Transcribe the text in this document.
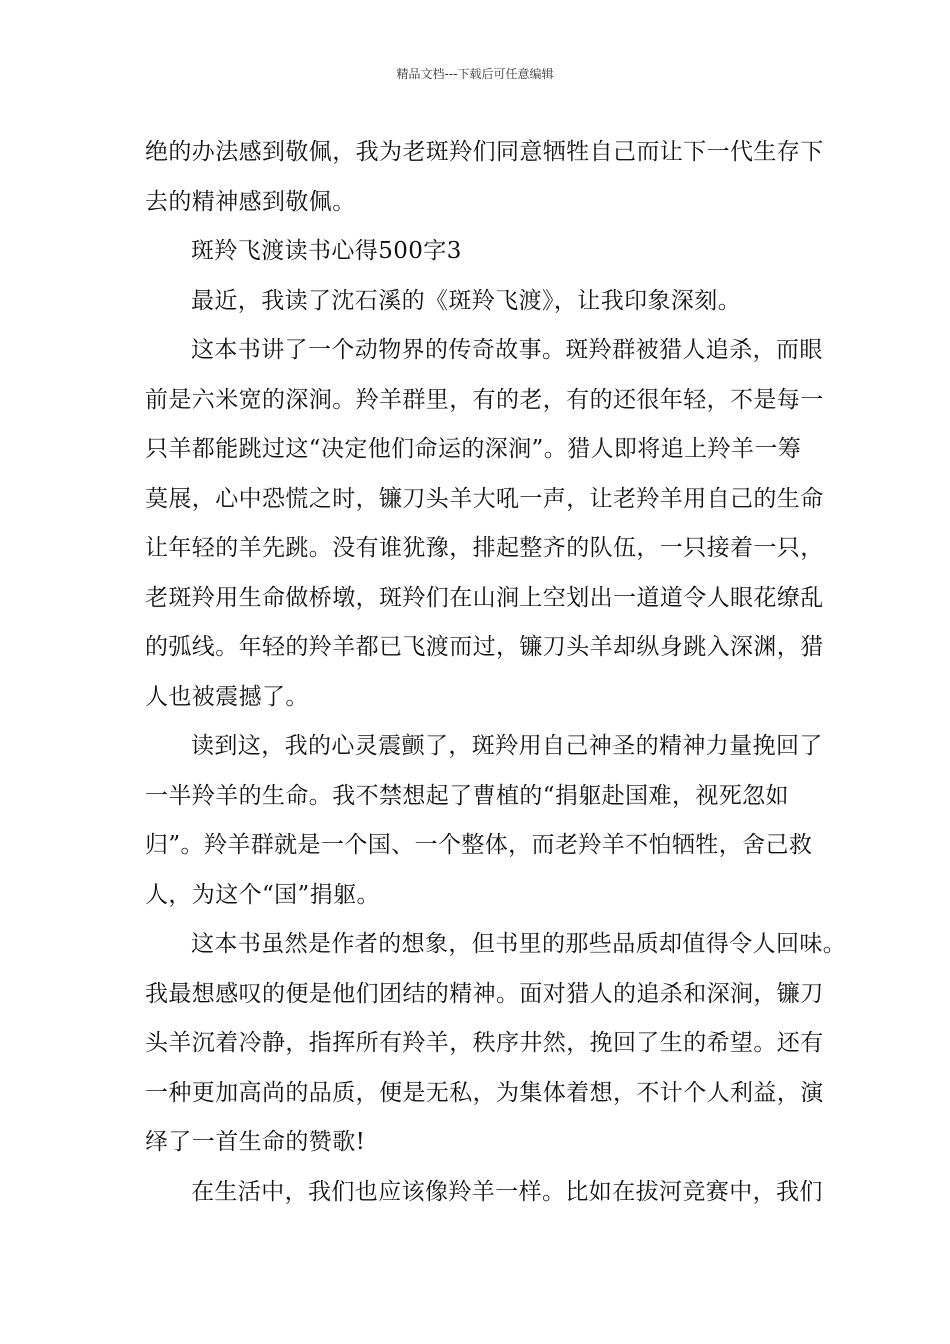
精品文档---下载后可任意编辑
绝的办法感到敬佩，我为老斑羚们同意牺牲自己而让下一代生存下
去的精神感到敬佩。
斑羚飞渡读书心得500字3
最近，我读了沈石溪的《斑羚飞渡》，让我印象深刻。
这本书讲了一个动物界的传奇故事。斑羚群被猎人追杀，而眼
前是六米宽的深涧。羚羊群里，有的老，有的还很年轻，不是每一
只羊都能跳过这“决定他们命运的深涧”。猎人即将追上羚羊一筹
莫展，心中恐慌之时，镰刀头羊大吼一声，让老羚羊用自己的生命
让年轻的羊先跳。没有谁犹豫，排起整齐的队伍，一只接着一只，
老斑羚用生命做桥墩，斑羚们在山涧上空划出一道道令人眼花缭乱
的弧线。年轻的羚羊都已飞渡而过，镰刀头羊却纵身跳入深渊，猎
人也被震撼了。
读到这，我的心灵震颤了，斑羚用自己神圣的精神力量挽回了
一半羚羊的生命。我不禁想起了曹植的“捐躯赴国难，视死忽如
归”。羚羊群就是一个国、一个整体，而老羚羊不怕牺牲，舍己救
人，为这个“国”捐躯。
这本书虽然是作者的想象，但书里的那些品质却值得令人回味。
我最想感叹的便是他们团结的精神。面对猎人的追杀和深涧，镰刀
头羊沉着冷静，指挥所有羚羊，秩序井然，挽回了生的希望。还有
一种更加高尚的品质，便是无私，为集体着想，不计个人利益，演
绎了一首生命的赞歌!
在生活中，我们也应该像羚羊一样。比如在拔河竞赛中，我们
